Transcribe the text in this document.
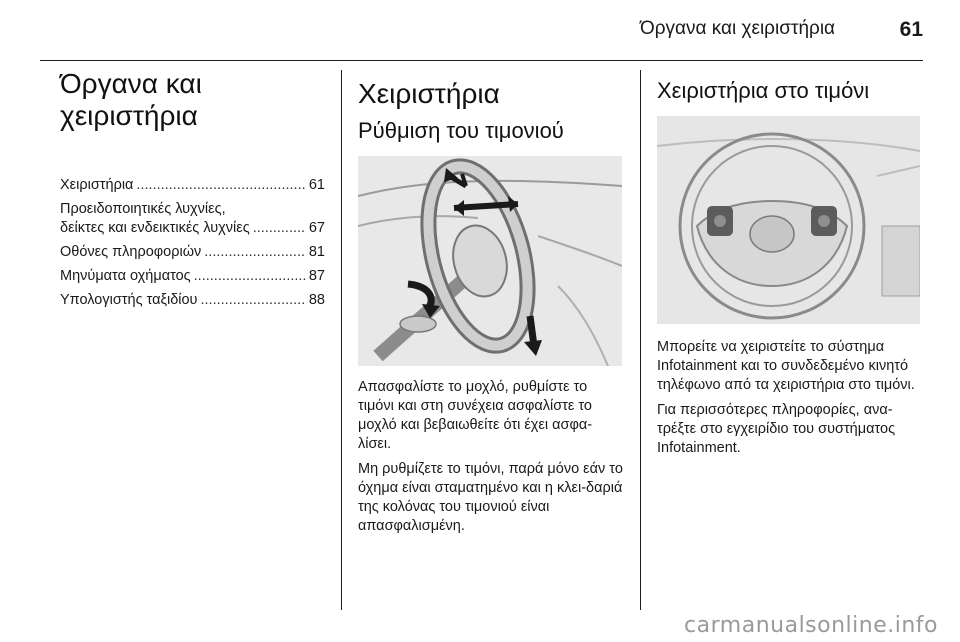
Όργανα και χειριστήρια	61
Όργανα και
χειριστήρια
Χειριστήρια .....	61
Προειδοποιητικές λυχνίες,
δείκτες και ενδεικτικές λυχνίες .....	67
Οθόνες πληροφοριών .....	81
Μηνύματα οχήματος .....	87
Υπολογιστής ταξιδίου .....	88
Χειριστήρια
Ρύθμιση του τιμονιού

Απασφαλίστε το μοχλό, ρυθμίστε το τιμόνι και στη συνέχεια ασφαλίστε το μοχλό και βεβαιωθείτε ότι έχει ασφα-λίσει.

Μη ρυθμίζετε το τιμόνι, παρά μόνο εάν το όχημα είναι σταματημένο και η κλει-δαριά της κολόνας του τιμονιού είναι απασφαλισμένη.

Χειριστήρια στο τιμόνι

Μπορείτε να χειριστείτε το σύστημα Infotainment και το συνδεδεμένο κινητό τηλέφωνο από τα χειριστήρια στο τιμόνι.

Για περισσότερες πληροφορίες, ανα-τρέξτε στο εγχειρίδιο του συστήματος Infotainment.

carmanualsonline.info
